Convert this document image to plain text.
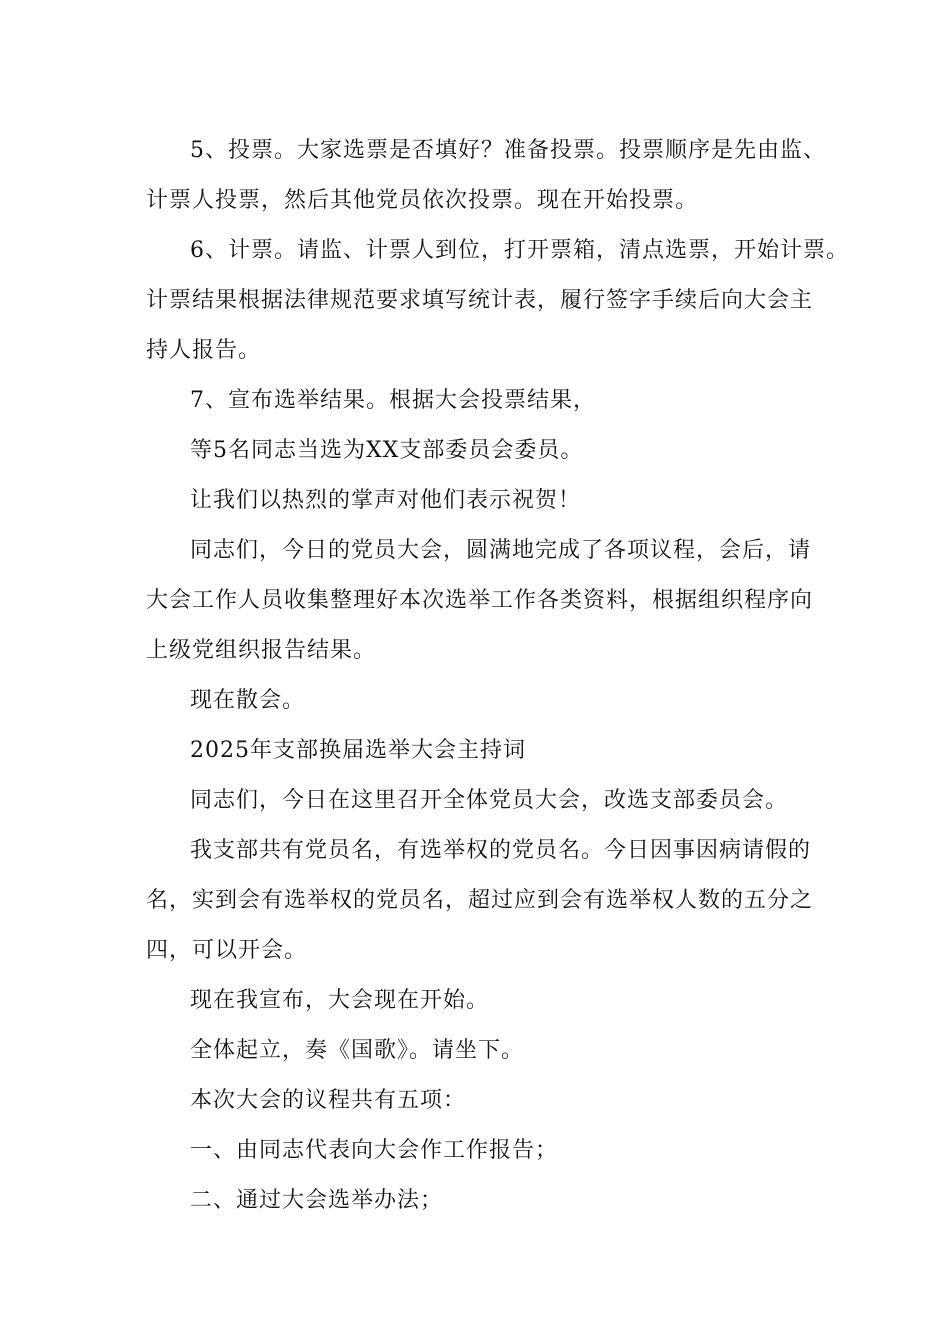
5、投票。大家选票是否填好？准备投票。投票顺序是先由监、
计票人投票，然后其他党员依次投票。现在开始投票。
6、计票。请监、计票人到位，打开票箱，清点选票，开始计票。
计票结果根据法律规范要求填写统计表，履行签字手续后向大会主
持人报告。
7、宣布选举结果。根据大会投票结果，
等5名同志当选为XX支部委员会委员。
让我们以热烈的掌声对他们表示祝贺！
同志们，今日的党员大会，圆满地完成了各项议程，会后，请
大会工作人员收集整理好本次选举工作各类资料，根据组织程序向
上级党组织报告结果。
现在散会。
2025年支部换届选举大会主持词
同志们，今日在这里召开全体党员大会，改选支部委员会。
我支部共有党员名，有选举权的党员名。今日因事因病请假的
名，实到会有选举权的党员名，超过应到会有选举权人数的五分之
四，可以开会。
现在我宣布，大会现在开始。
全体起立，奏《国歌》。请坐下。
本次大会的议程共有五项：
一、由同志代表向大会作工作报告；
二、通过大会选举办法；
